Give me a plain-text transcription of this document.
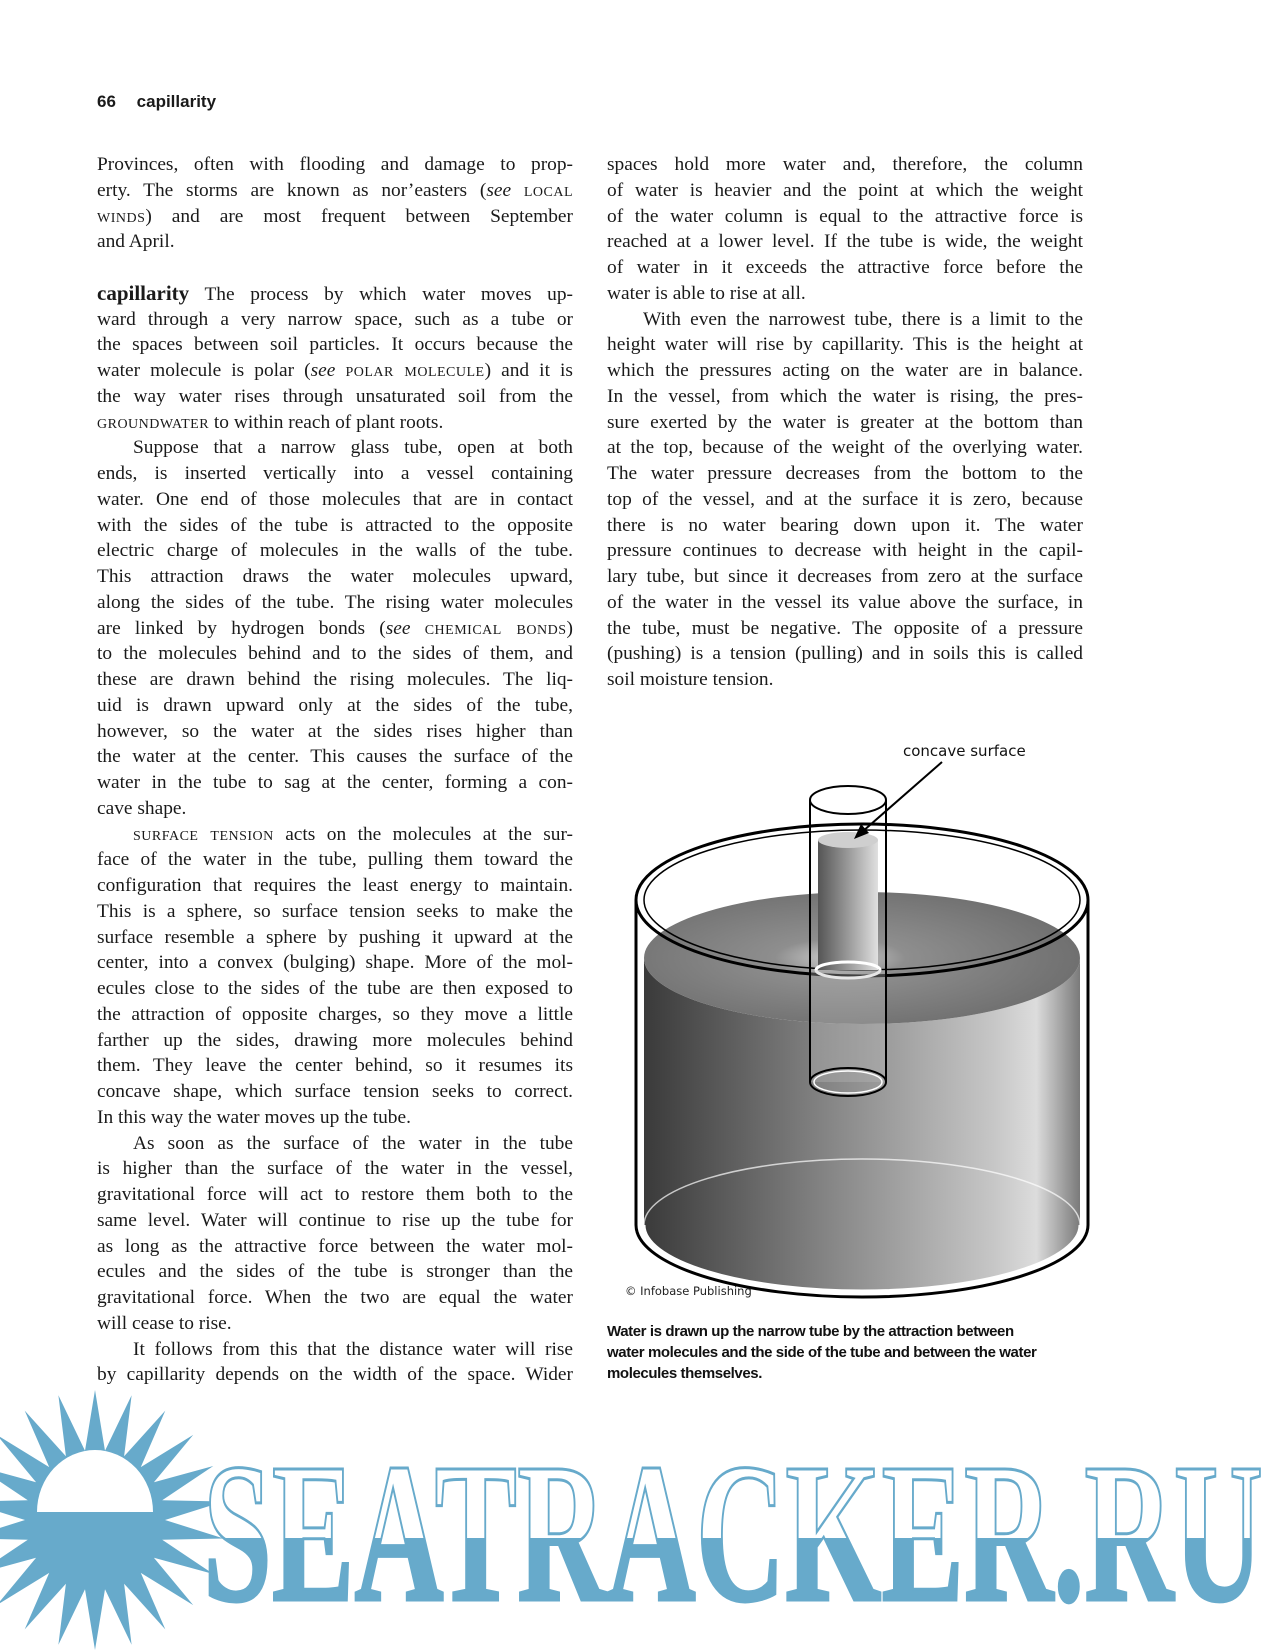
66 capillarity
Provinces, often with flooding and damage to prop-
erty. The storms are known as nor’easters (see local
winds) and are most frequent between September
and April.
capillarity The process by which water moves up-
ward through a very narrow space, such as a tube or
the spaces between soil particles. It occurs because the
water molecule is polar (see polar molecule) and it is
the way water rises through unsaturated soil from the
groundwater to within reach of plant roots.
Suppose that a narrow glass tube, open at both
ends, is inserted vertically into a vessel containing
water. One end of those molecules that are in contact
with the sides of the tube is attracted to the opposite
electric charge of molecules in the walls of the tube.
This attraction draws the water molecules upward,
along the sides of the tube. The rising water molecules
are linked by hydrogen bonds (see chemical bonds)
to the molecules behind and to the sides of them, and
these are drawn behind the rising molecules. The liq-
uid is drawn upward only at the sides of the tube,
however, so the water at the sides rises higher than
the water at the center. This causes the surface of the
water in the tube to sag at the center, forming a con-
cave shape.
surface tension acts on the molecules at the sur-
face of the water in the tube, pulling them toward the
configuration that requires the least energy to maintain.
This is a sphere, so surface tension seeks to make the
surface resemble a sphere by pushing it upward at the
center, into a convex (bulging) shape. More of the mol-
ecules close to the sides of the tube are then exposed to
the attraction of opposite charges, so they move a little
farther up the sides, drawing more molecules behind
them. They leave the center behind, so it resumes its
concave shape, which surface tension seeks to correct.
In this way the water moves up the tube.
As soon as the surface of the water in the tube
is higher than the surface of the water in the vessel,
gravitational force will act to restore them both to the
same level. Water will continue to rise up the tube for
as long as the attractive force between the water mol-
ecules and the sides of the tube is stronger than the
gravitational force. When the two are equal the water
will cease to rise.
It follows from this that the distance water will rise
by capillarity depends on the width of the space. Wider
spaces hold more water and, therefore, the column
of water is heavier and the point at which the weight
of the water column is equal to the attractive force is
reached at a lower level. If the tube is wide, the weight
of water in it exceeds the attractive force before the
water is able to rise at all.
With even the narrowest tube, there is a limit to the
height water will rise by capillarity. This is the height at
which the pressures acting on the water are in balance.
In the vessel, from which the water is rising, the pres-
sure exerted by the water is greater at the bottom than
at the top, because of the weight of the overlying water.
The water pressure decreases from the bottom to the
top of the vessel, and at the surface it is zero, because
there is no water bearing down upon it. The water
pressure continues to decrease with height in the capil-
lary tube, but since it decreases from zero at the surface
of the water in the vessel its value above the surface, in
the tube, must be negative. The opposite of a pressure
(pushing) is a tension (pulling) and in soils this is called
soil moisture tension.
concave surface
© Infobase Publishing
Water is drawn up the narrow tube by the attraction between
water molecules and the side of the tube and between the water
molecules themselves.
SEATRACKER.RU
